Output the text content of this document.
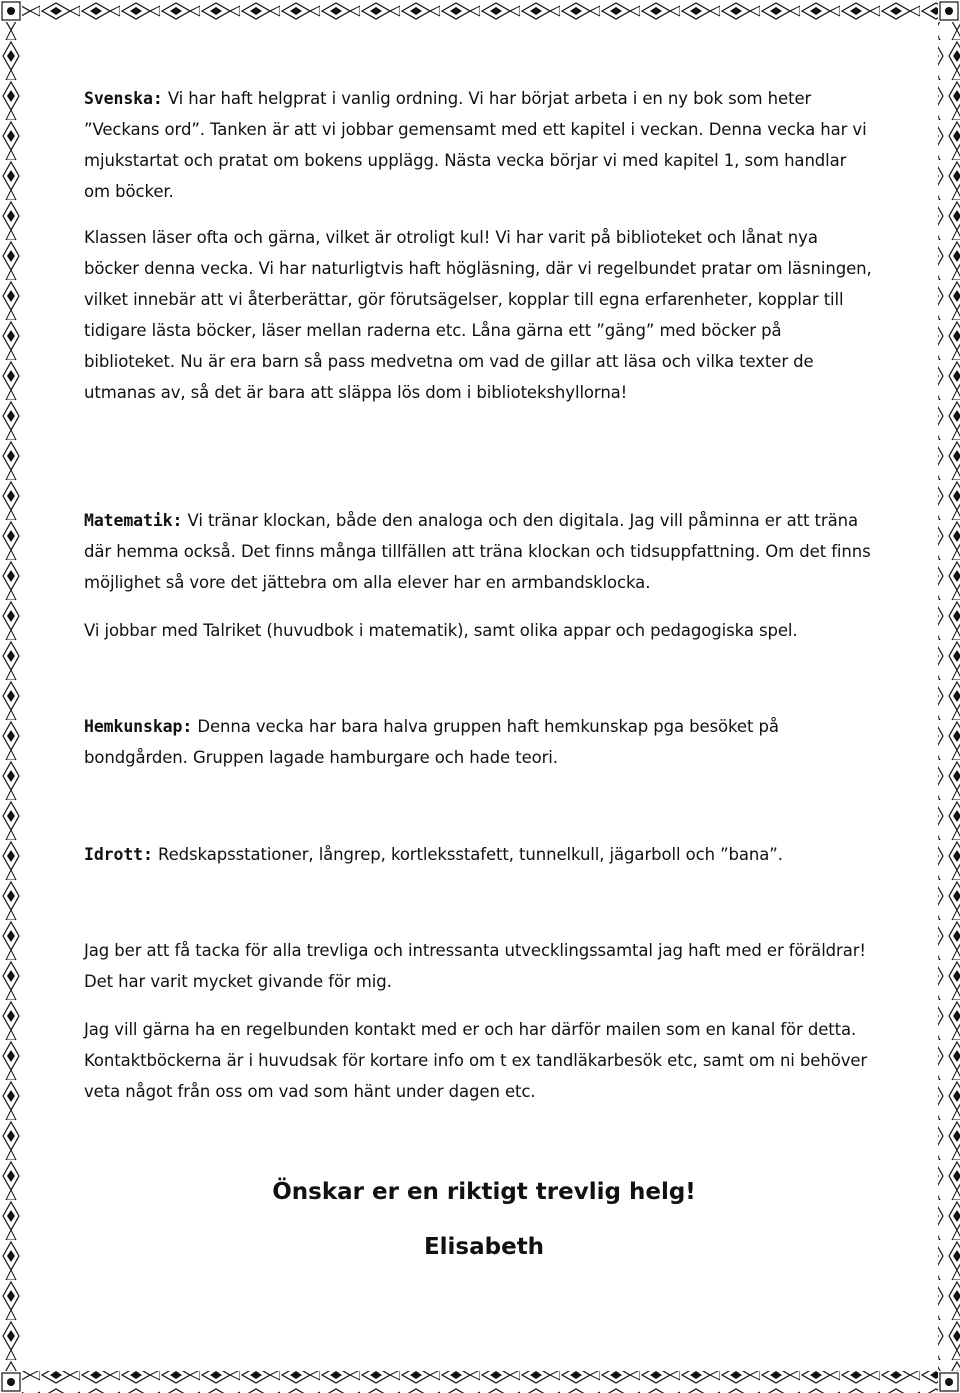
Svenska: Vi har haft helgprat i vanlig ordning. Vi har börjat arbeta i en ny bok som heter ”Veckans ord”. Tanken är att vi jobbar gemensamt med ett kapitel i veckan. Denna vecka har vi mjukstartat och pratat om bokens upplägg. Nästa vecka börjar vi med kapitel 1, som handlar om böcker.

Klassen läser ofta och gärna, vilket är otroligt kul! Vi har varit på biblioteket och lånat nya böcker denna vecka. Vi har naturligtvis haft högläsning, där vi regelbundet pratar om läsningen, vilket innebär att vi återberättar, gör förutsägelser, kopplar till egna erfarenheter, kopplar till tidigare lästa böcker, läser mellan raderna etc. Låna gärna ett ”gäng” med böcker på biblioteket. Nu är era barn så pass medvetna om vad de gillar att läsa och vilka texter de utmanas av, så det är bara att släppa lös dom i bibliotekshyllorna!

Matematik: Vi tränar klockan, både den analoga och den digitala. Jag vill påminna er att träna där hemma också. Det finns många tillfällen att träna klockan och tidsuppfattning. Om det finns möjlighet så vore det jättebra om alla elever har en armbandsklocka.

Vi jobbar med Talriket (huvudbok i matematik), samt olika appar och pedagogiska spel.

Hemkunskap: Denna vecka har bara halva gruppen haft hemkunskap pga besöket på bondgården. Gruppen lagade hamburgare och hade teori.

Idrott: Redskapsstationer, långrep, kortleksstafett, tunnelkull, jägarboll och ”bana”.

Jag ber att få tacka för alla trevliga och intressanta utvecklingssamtal jag haft med er föräldrar! Det har varit mycket givande för mig.

Jag vill gärna ha en regelbunden kontakt med er och har därför mailen som en kanal för detta. Kontaktböckerna är i huvudsak för kortare info om t ex tandläkarbesök etc, samt om ni behöver veta något från oss om vad som hänt under dagen etc.

Önskar er en riktigt trevlig helg!

Elisabeth
